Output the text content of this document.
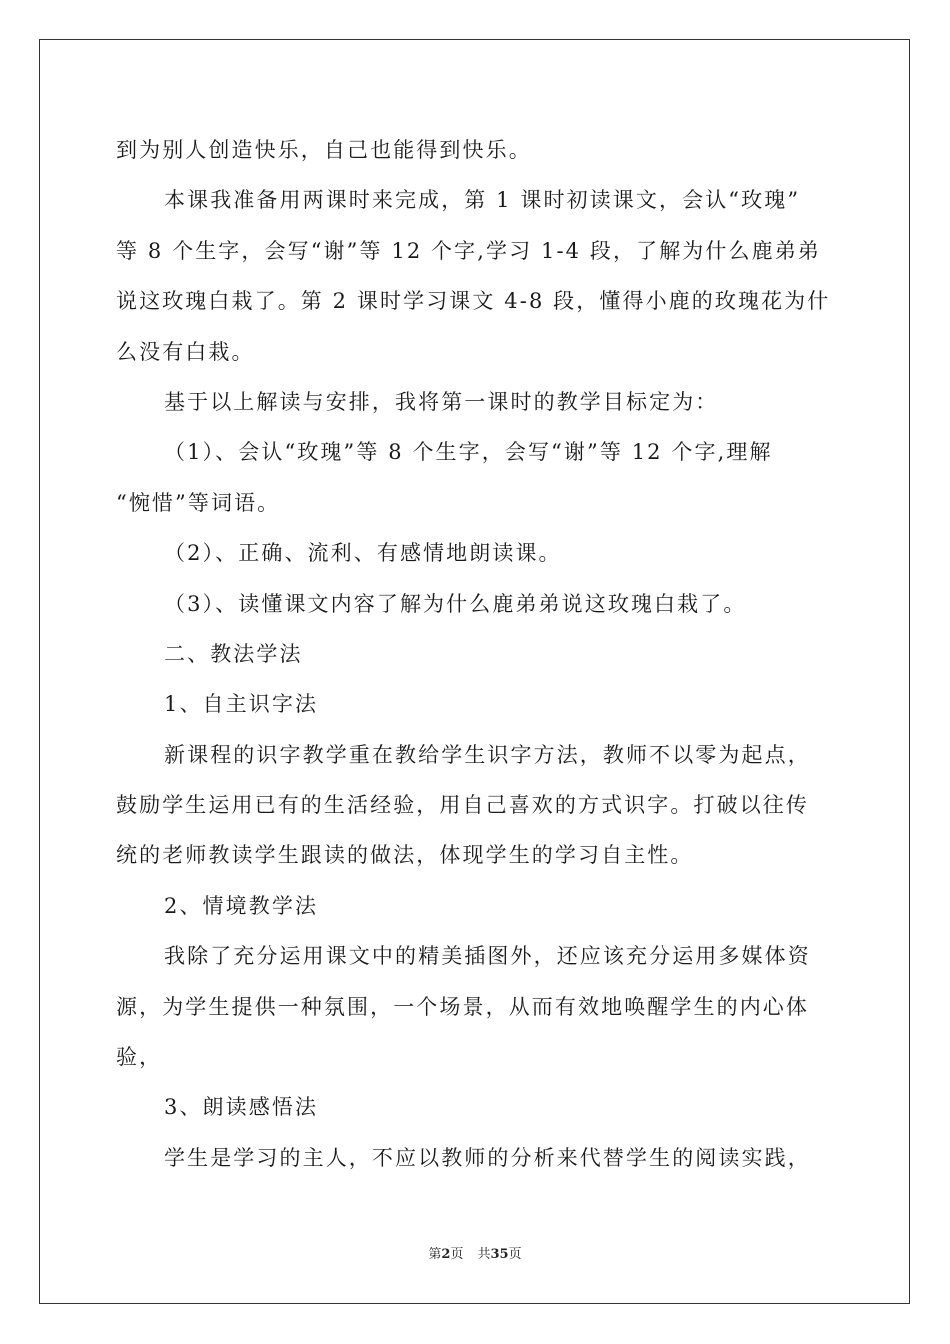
到为别人创造快乐，自己也能得到快乐。
本课我准备用两课时来完成，第 1 课时初读课文，会认“玫瑰”
等 8 个生字，会写“谢”等 12 个字,学习 1-4 段，了解为什么鹿弟弟
说这玫瑰白栽了。第 2 课时学习课文 4-8 段，懂得小鹿的玫瑰花为什
么没有白栽。
基于以上解读与安排，我将第一课时的教学目标定为：
（1）、会认“玫瑰”等 8 个生字，会写“谢”等 12 个字,理解
“惋惜”等词语。
（2）、正确、流利、有感情地朗读课。
（3）、读懂课文内容了解为什么鹿弟弟说这玫瑰白栽了。
二、教法学法
1、自主识字法
新课程的识字教学重在教给学生识字方法，教师不以零为起点，
鼓励学生运用已有的生活经验，用自己喜欢的方式识字。打破以往传
统的老师教读学生跟读的做法，体现学生的学习自主性。
2、情境教学法
我除了充分运用课文中的精美插图外，还应该充分运用多媒体资
源，为学生提供一种氛围，一个场景，从而有效地唤醒学生的内心体
验，
3、朗读感悟法
学生是学习的主人，不应以教师的分析来代替学生的阅读实践，
第2页 共35页
